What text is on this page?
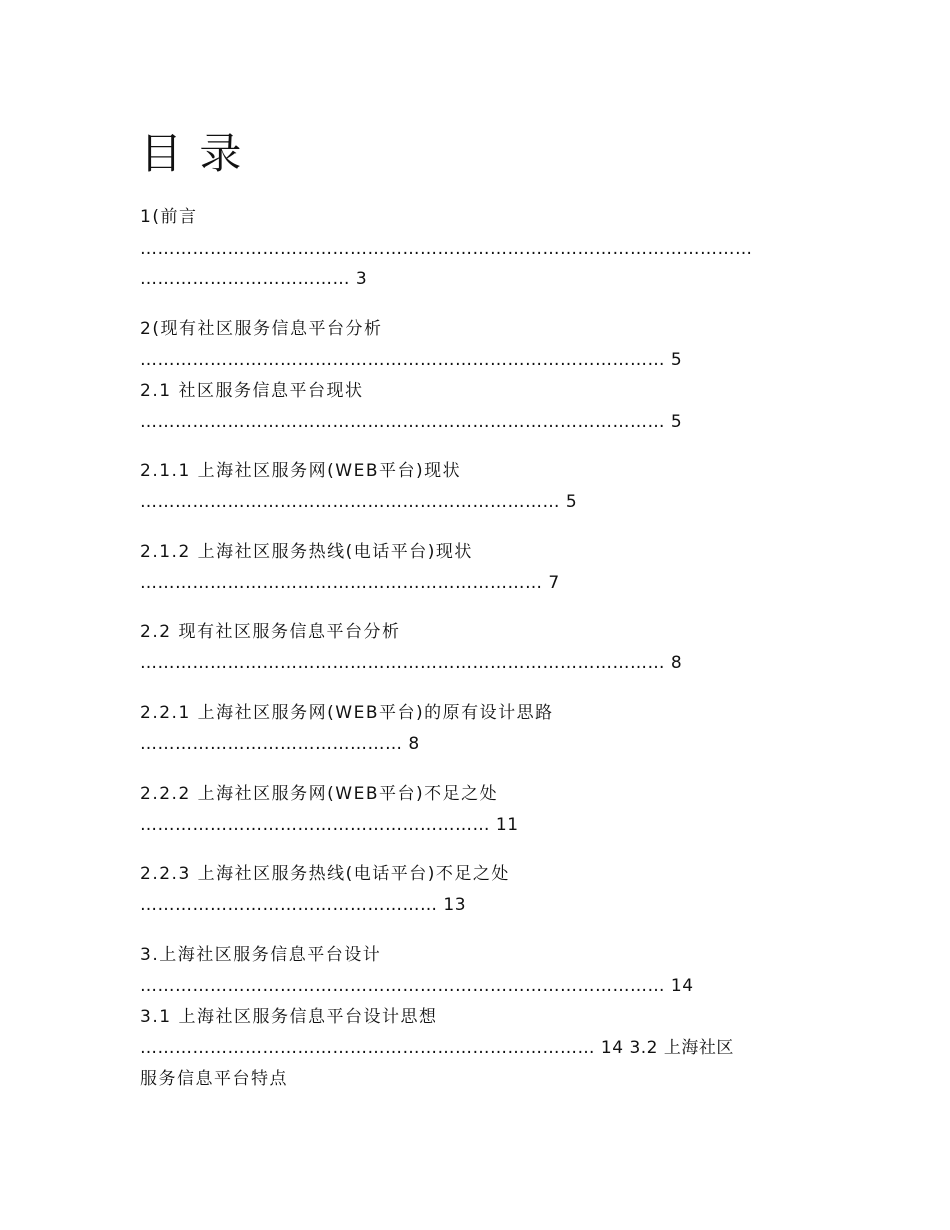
目 录
1(前言
……………………………………………………………………………………………
……………………………… 3
2(现有社区服务信息平台分析
……………………………………………………………………………… 5
2.1 社区服务信息平台现状
……………………………………………………………………………… 5
2.1.1 上海社区服务网(WEB平台)现状
……………………………………………………………… 5
2.1.2 上海社区服务热线(电话平台)现状
…………………………………………………………… 7
2.2 现有社区服务信息平台分析
……………………………………………………………………………… 8
2.2.1 上海社区服务网(WEB平台)的原有设计思路
……………………………………… 8
2.2.2 上海社区服务网(WEB平台)不足之处
…………………………………………………… 11
2.2.3 上海社区服务热线(电话平台)不足之处
…………………………………………… 13
3.上海社区服务信息平台设计
……………………………………………………………………………… 14
3.1 上海社区服务信息平台设计思想
…………………………………………………………………… 14 3.2 上海社区
服务信息平台特点
